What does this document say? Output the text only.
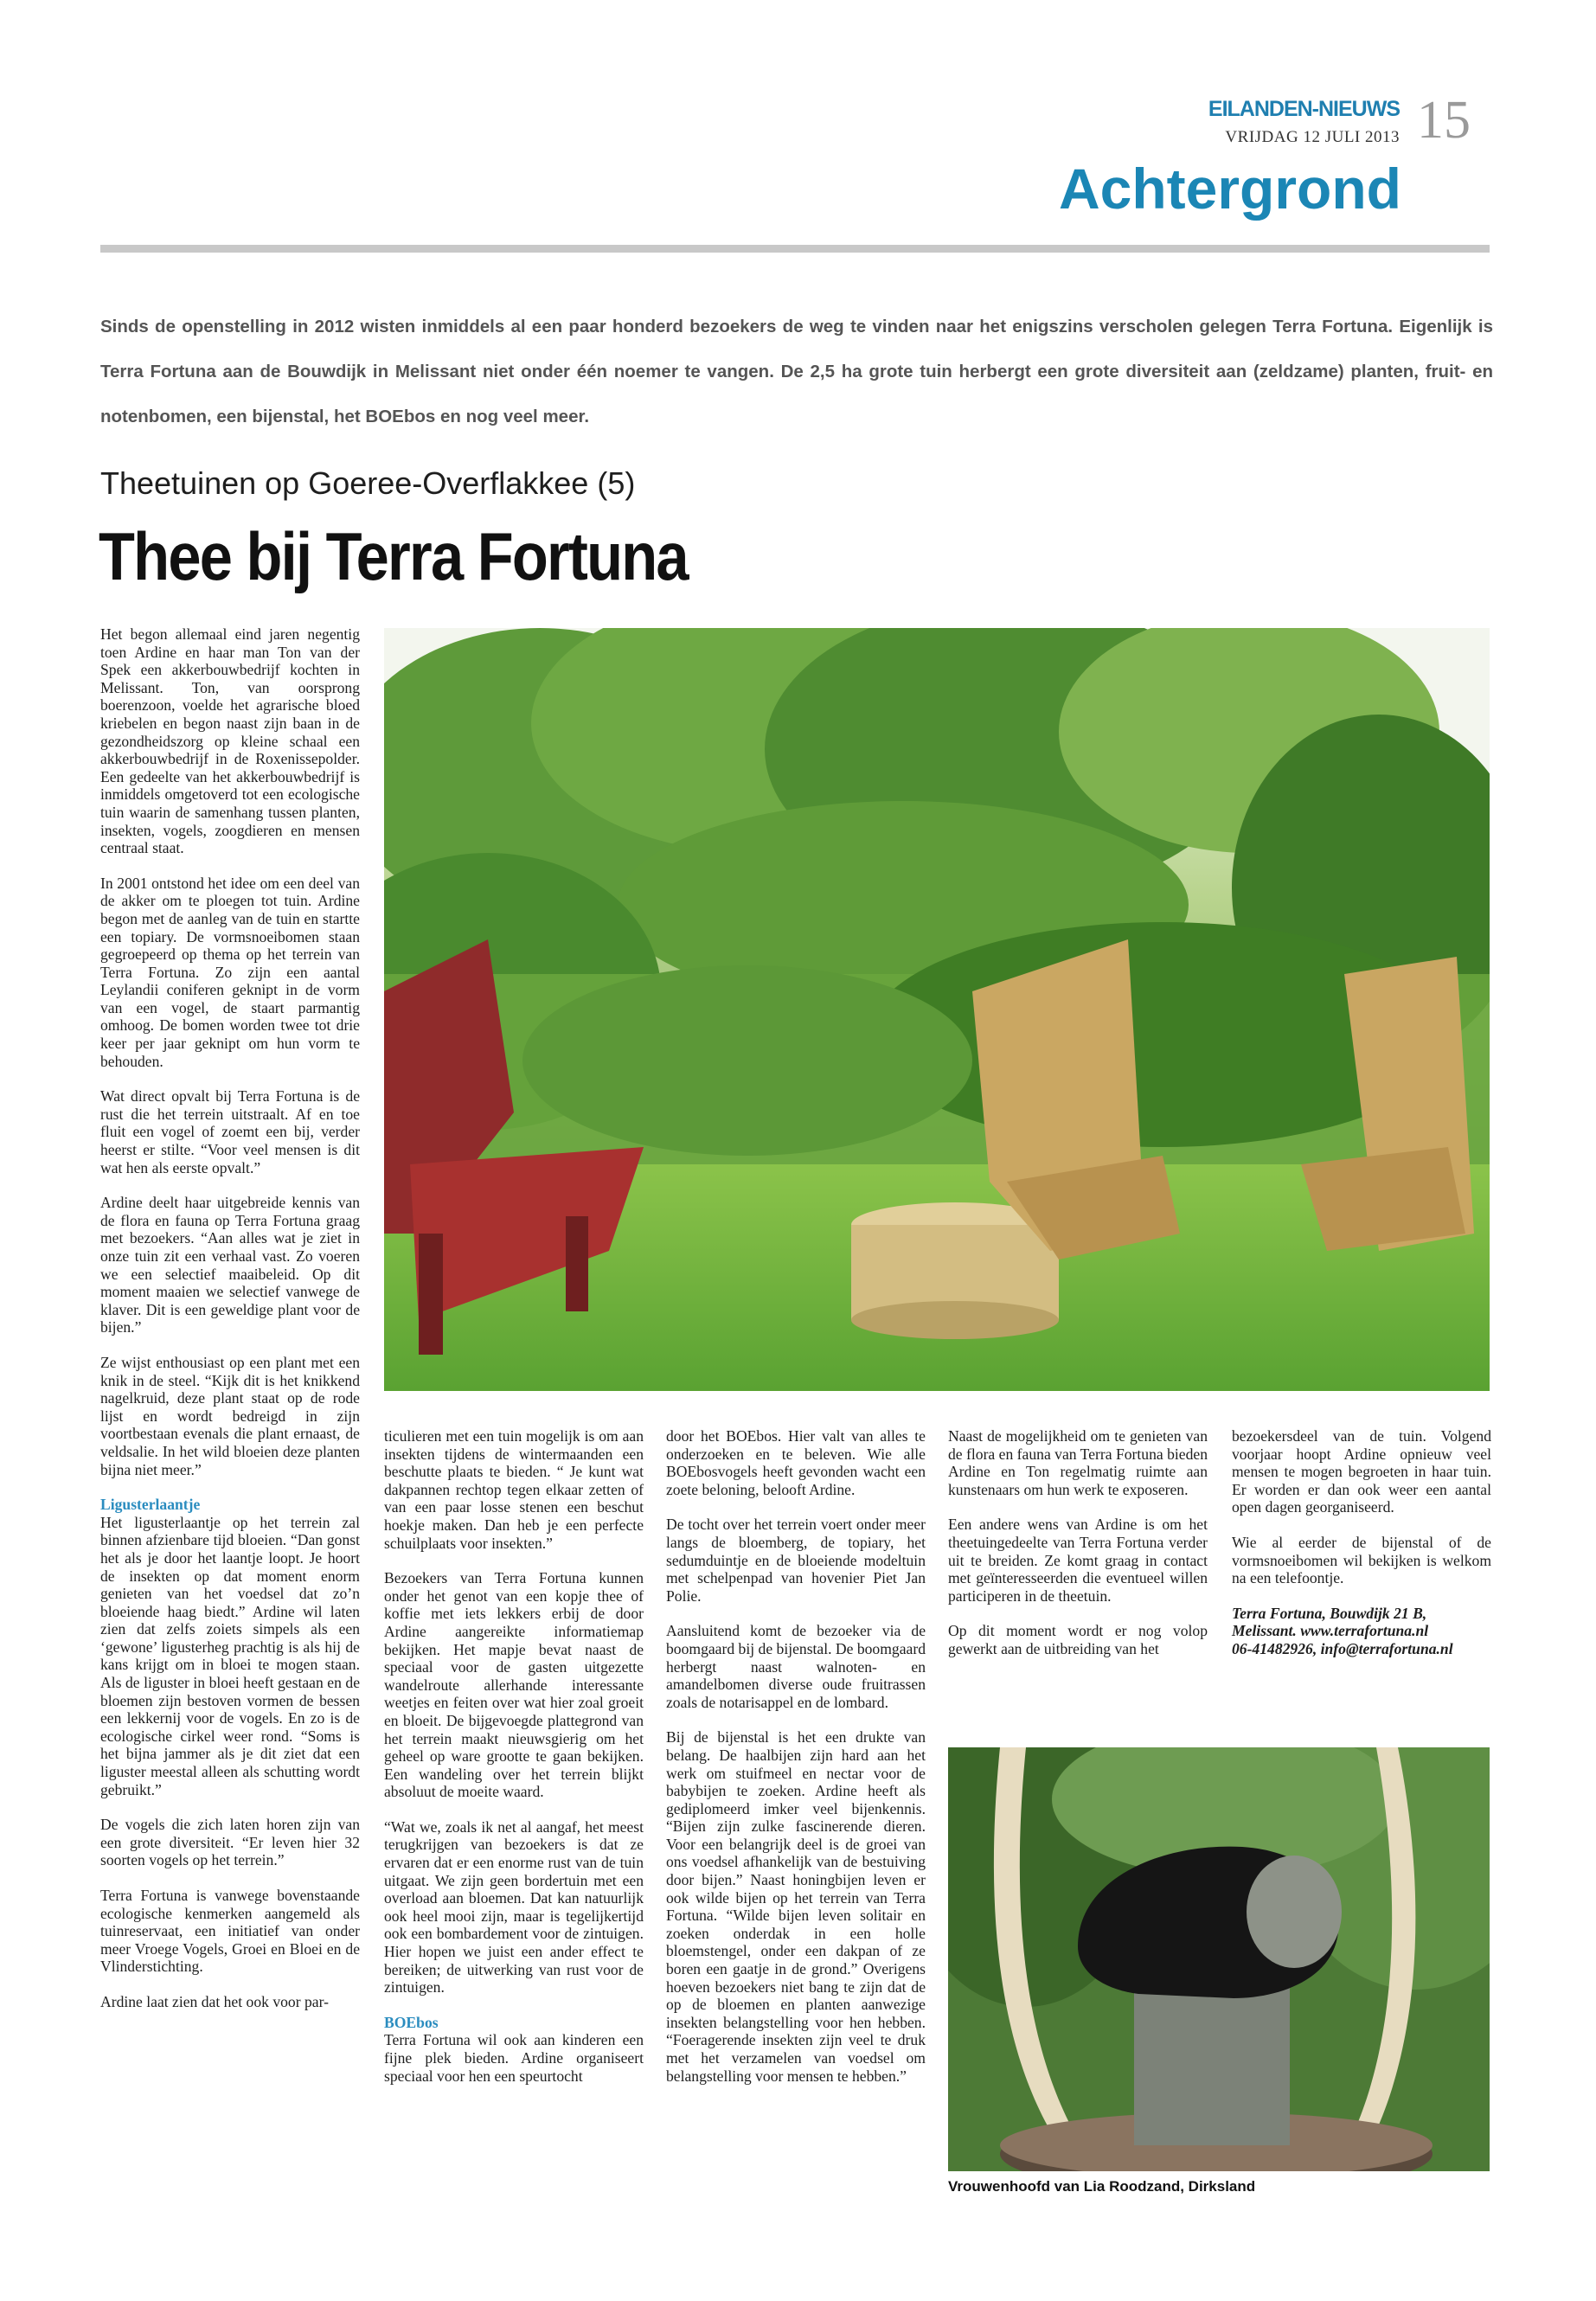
EILANDEN-NIEUWS
VRIJDAG 12 JULI 2013 15
Achtergrond
Sinds de openstelling in 2012 wisten inmiddels al een paar honderd bezoekers de weg te vinden naar het enigszins verscholen gelegen Terra Fortuna. Eigenlijk is Terra Fortuna aan de Bouwdijk in Melissant niet onder één noemer te vangen. De 2,5 ha grote tuin herbergt een grote diversiteit aan (zeldzame) planten, fruit- en notenbomen, een bijenstal, het BOEbos en nog veel meer.
Theetuinen op Goeree-Overflakkee (5)
Thee bij Terra Fortuna

Het begon allemaal eind jaren negentig toen Ardine en haar man Ton van der Spek een akkerbouwbedrijf kochten in Melissant. Ton, van oorsprong boerenzoon, voelde het agrarische bloed kriebelen en begon naast zijn baan in de gezondheidszorg op kleine schaal een akkerbouwbedrijf in de Roxenissepolder. Een gedeelte van het akkerbouwbedrijf is inmiddels omgetoverd tot een ecologische tuin waarin de samenhang tussen planten, insekten, vogels, zoogdieren en mensen centraal staat.

In 2001 ontstond het idee om een deel van de akker om te ploegen tot tuin. Ardine begon met de aanleg van de tuin en startte een topiary. De vormsnoeibomen staan gegroepeerd op thema op het terrein van Terra Fortuna. Zo zijn een aantal Leylandii coniferen geknipt in de vorm van een vogel, de staart parmantig omhoog. De bomen worden twee tot drie keer per jaar geknipt om hun vorm te behouden.

Wat direct opvalt bij Terra Fortuna is de rust die het terrein uitstraalt. Af en toe fluit een vogel of zoemt een bij, verder heerst er stilte. “Voor veel mensen is dit wat hen als eerste opvalt.”

Ardine deelt haar uitgebreide kennis van de flora en fauna op Terra Fortuna graag met bezoekers. “Aan alles wat je ziet in onze tuin zit een verhaal vast. Zo voeren we een selectief maaibeleid. Op dit moment maaien we selectief vanwege de klaver. Dit is een geweldige plant voor de bijen.”

Ze wijst enthousiast op een plant met een knik in de steel. “Kijk dit is het knikkend nagelkruid, deze plant staat op de rode lijst en wordt bedreigd in zijn voortbestaan evenals die plant ernaast, de veldsalie. In het wild bloeien deze planten bijna niet meer.”

Ligusterlaantje

Het ligusterlaantje op het terrein zal binnen afzienbare tijd bloeien. “Dan gonst het als je door het laantje loopt. Je hoort de insekten op dat moment enorm genieten van het voedsel dat zo’n bloeiende haag biedt.” Ardine wil laten zien dat zelfs zoiets simpels als een ‘gewone’ ligusterheg prachtig is als hij de kans krijgt om in bloei te mogen staan. Als de liguster in bloei heeft gestaan en de bloemen zijn bestoven vormen de bessen een lekkernij voor de vogels. En zo is de ecologische cirkel weer rond. “Soms is het bijna jammer als je dit ziet dat een liguster meestal alleen als schutting wordt gebruikt.”

De vogels die zich laten horen zijn van een grote diversiteit. “Er leven hier 32 soorten vogels op het terrein.”

Terra Fortuna is vanwege bovenstaande ecologische kenmerken aangemeld als tuinreservaat, een initiatief van onder meer Vroege Vogels, Groei en Bloei en de Vlinderstichting.

Ardine laat zien dat het ook voor par-

ticulieren met een tuin mogelijk is om aan insekten tijdens de wintermaanden een beschutte plaats te bieden. “ Je kunt wat dakpannen rechtop tegen elkaar zetten of van een paar losse stenen een beschut hoekje maken. Dan heb je een perfecte schuilplaats voor insekten.”

Bezoekers van Terra Fortuna kunnen onder het genot van een kopje thee of koffie met iets lekkers erbij de door Ardine aangereikte informatiemap bekijken. Het mapje bevat naast de speciaal voor de gasten uitgezette wandelroute allerhande interessante weetjes en feiten over wat hier zoal groeit en bloeit. De bijgevoegde plattegrond van het terrein maakt nieuwsgierig om het geheel op ware grootte te gaan bekijken. Een wandeling over het terrein blijkt absoluut de moeite waard.

“Wat we, zoals ik net al aangaf, het meest terugkrijgen van bezoekers is dat ze ervaren dat er een enorme rust van de tuin uitgaat. We zijn geen bordertuin met een overload aan bloemen. Dat kan natuurlijk ook heel mooi zijn, maar is tegelijkertijd ook een bombardement voor de zintuigen. Hier hopen we juist een ander effect te bereiken; de uitwerking van rust voor de zintuigen.

BOEbos

Terra Fortuna wil ook aan kinderen een fijne plek bieden. Ardine organiseert speciaal voor hen een speurtocht

door het BOEbos. Hier valt van alles te onderzoeken en te beleven. Wie alle BOEbosvogels heeft gevonden wacht een zoete beloning, belooft Ardine.

De tocht over het terrein voert onder meer langs de bloemberg, de topiary, het sedumduintje en de bloeiende modeltuin met schelpenpad van hovenier Piet Jan Polie.

Aansluitend komt de bezoeker via de boomgaard bij de bijenstal. De boomgaard herbergt naast walnoten- en amandelbomen diverse oude fruitrassen zoals de notarisappel en de lombard.

Bij de bijenstal is het een drukte van belang. De haalbijen zijn hard aan het werk om stuifmeel en nectar voor de babybijen te zoeken. Ardine heeft als gediplomeerd imker veel bijenkennis. “Bijen zijn zulke fascinerende dieren. Voor een belangrijk deel is de groei van ons voedsel afhankelijk van de bestuiving door bijen.” Naast honingbijen leven er ook wilde bijen op het terrein van Terra Fortuna. “Wilde bijen leven solitair en zoeken onderdak in een holle bloemstengel, onder een dakpan of ze boren een gaatje in de grond.” Overigens hoeven bezoekers niet bang te zijn dat de op de bloemen en planten aanwezige insekten belangstelling voor hen hebben. “Foeragerende insekten zijn veel te druk met het verzamelen van voedsel om belangstelling voor mensen te hebben.”

Naast de mogelijkheid om te genieten van de flora en fauna van Terra Fortuna bieden Ardine en Ton regelmatig ruimte aan kunstenaars om hun werk te exposeren.

Een andere wens van Ardine is om het theetuingedeelte van Terra Fortuna verder uit te breiden. Ze komt graag in contact met geïnteresseerden die eventueel willen participeren in de theetuin.

Op dit moment wordt er nog volop gewerkt aan de uitbreiding van het

bezoekersdeel van de tuin. Volgend voorjaar hoopt Ardine opnieuw veel mensen te mogen begroeten in haar tuin. Er worden er dan ook weer een aantal open dagen georganiseerd.

Wie al eerder de bijenstal of de vormsnoeibomen wil bekijken is welkom na een telefoontje.

Terra Fortuna, Bouwdijk 21 B,
Melissant. www.terrafortuna.nl
06-41482926, info@terrafortuna.nl
Vrouwenhoofd van Lia Roodzand, Dirksland
